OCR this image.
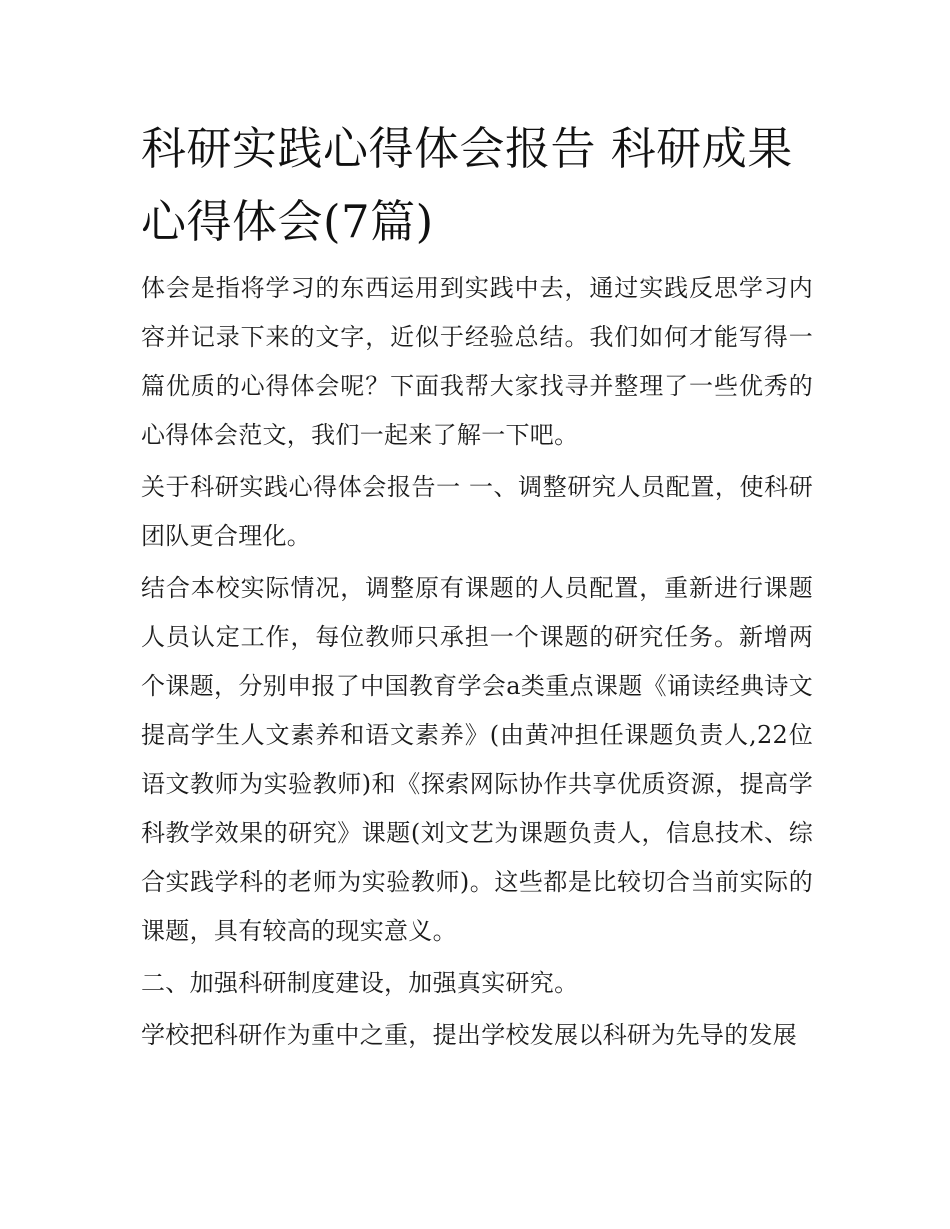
科研实践心得体会报告 科研成果心得体会(7篇)

体会是指将学习的东西运用到实践中去，通过实践反思学习内容并记录下来的文字，近似于经验总结。我们如何才能写得一篇优质的心得体会呢？下面我帮大家找寻并整理了一些优秀的心得体会范文，我们一起来了解一下吧。

关于科研实践心得体会报告一 一、调整研究人员配置，使科研团队更合理化。

结合本校实际情况，调整原有课题的人员配置，重新进行课题人员认定工作，每位教师只承担一个课题的研究任务。新增两个课题，分别申报了中国教育学会a类重点课题《诵读经典诗文提高学生人文素养和语文素养》(由黄冲担任课题负责人,22位语文教师为实验教师)和《探索网际协作共享优质资源，提高学科教学效果的研究》课题(刘文艺为课题负责人，信息技术、综合实践学科的老师为实验教师)。这些都是比较切合当前实际的课题，具有较高的现实意义。

二、加强科研制度建设，加强真实研究。

学校把科研作为重中之重，提出学校发展以科研为先导的发展
